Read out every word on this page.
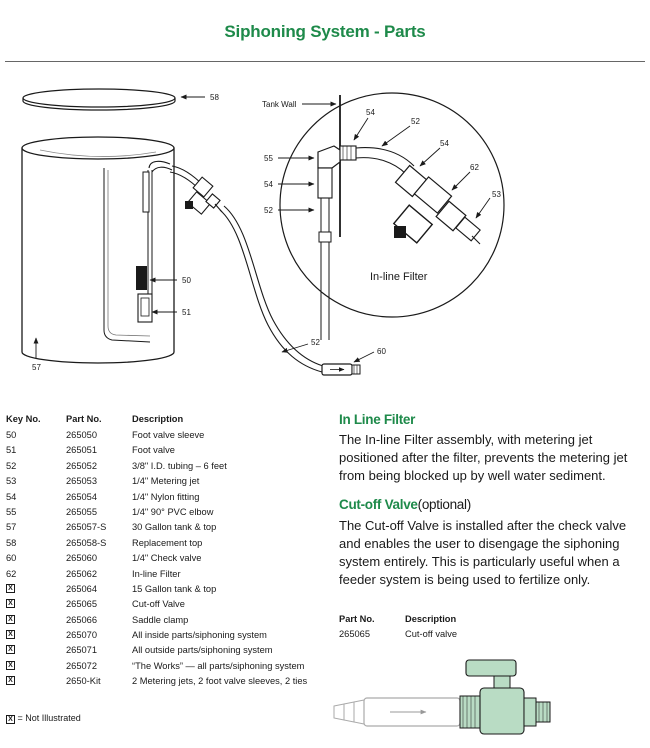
Siphoning System - Parts
58
Tank Wall
54
52
54
55
54
62
53
52
50
51
52
60
57
In-line Filter
Key No.	Part No.	Description
50	265050	Foot valve sleeve
51	265051	Foot valve
52	265052	3/8" I.D. tubing – 6 feet
53	265053	1/4" Metering jet
54	265054	1/4" Nylon fitting
55	265055	1/4" 90° PVC elbow
57	265057-S	30 Gallon tank & top
58	265058-S	Replacement top
60	265060	1/4" Check valve
62	265062	In-line Filter
X	265064	15 Gallon tank & top
X	265065	Cut-off Valve
X	265066	Saddle clamp
X	265070	All inside parts/siphoning system
X	265071	All outside parts/siphoning system
X	265072	“The Works” — all parts/siphoning system
X	2650-Kit	2 Metering jets, 2 foot valve sleeves, 2 ties
X = Not Illustrated
In Line Filter
The In-line Filter assembly, with metering jet positioned after the filter, prevents the metering jet from being blocked up by well water sediment.
Cut-off Valve(optional)
The Cut-off Valve is installed after the check valve and enables the user to disengage the siphoning system entirely. This is particularly useful when a feeder system is being used to fertilize only.
Part No.	Description
265065	Cut-off valve
